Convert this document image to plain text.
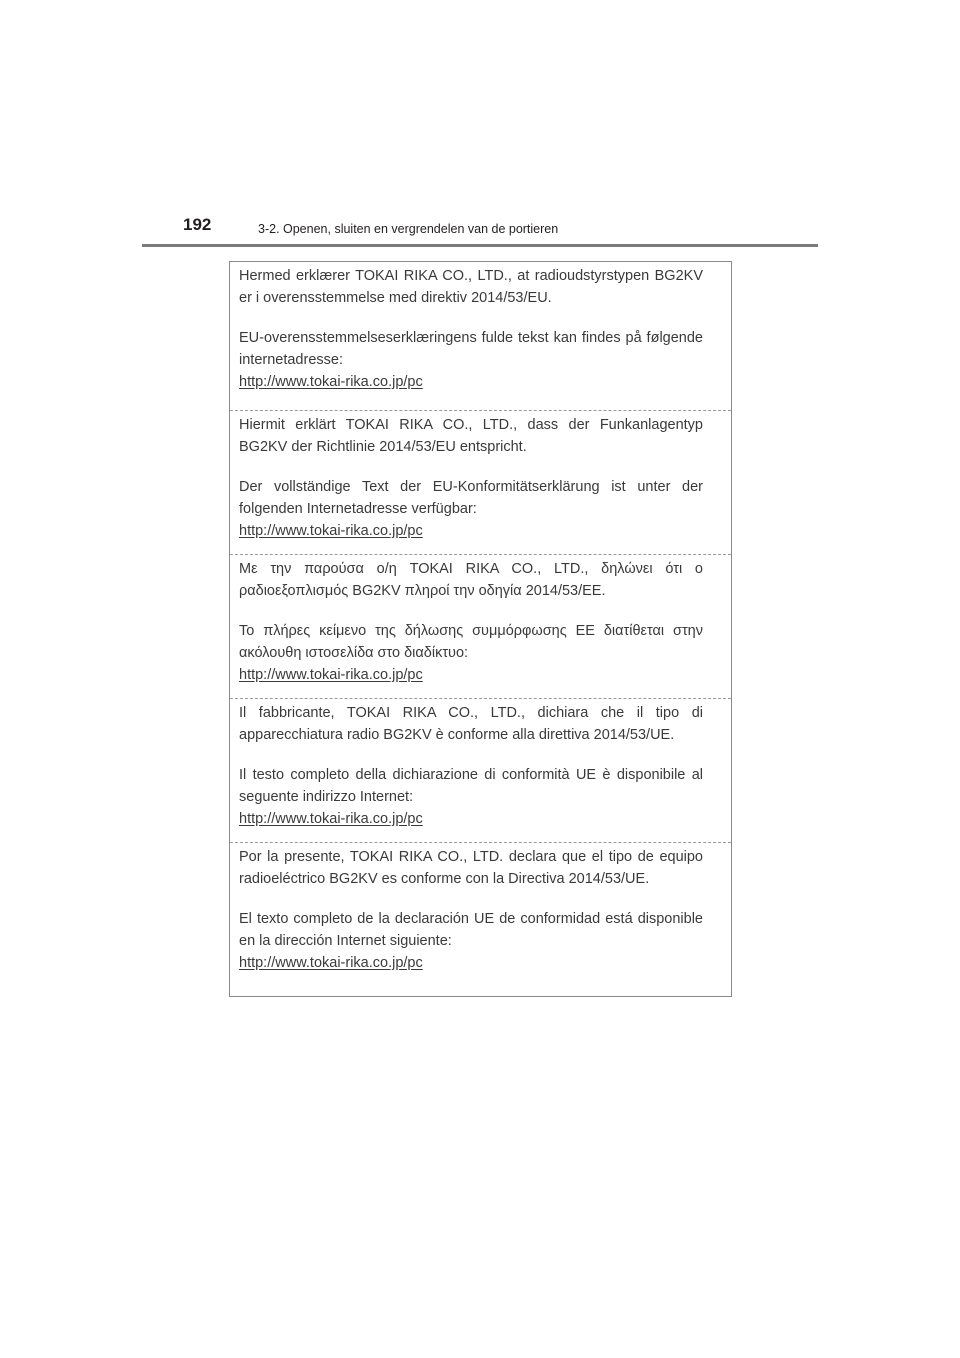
192	3-2. Openen, sluiten en vergrendelen van de portieren

Hermed erklærer TOKAI RIKA CO., LTD., at radioudstyrstypen BG2KV er i overensstemmelse med direktiv 2014/53/EU.

EU-overensstemmelseserklæringens fulde tekst kan findes på følgende internetadresse:

http://www.tokai-rika.co.jp/pc

Hiermit erklärt TOKAI RIKA CO., LTD., dass der Funkanlagentyp BG2KV der Richtlinie 2014/53/EU entspricht.

Der vollständige Text der EU-Konformitätserklärung ist unter der folgenden Internetadresse verfügbar:

http://www.tokai-rika.co.jp/pc

Με την παρούσα ο/η TOKAI RIKA CO., LTD., δηλώνει ότι ο ραδιοεξοπλισμός BG2KV πληροί την οδηγία 2014/53/ΕΕ.

Το πλήρες κείμενο της δήλωσης συμμόρφωσης ΕΕ διατίθεται στην ακόλουθη ιστοσελίδα στο διαδίκτυο:

http://www.tokai-rika.co.jp/pc

Il fabbricante, TOKAI RIKA CO., LTD., dichiara che il tipo di apparecchiatura radio BG2KV è conforme alla direttiva 2014/53/UE.

Il testo completo della dichiarazione di conformità UE è disponibile al seguente indirizzo Internet:

http://www.tokai-rika.co.jp/pc

Por la presente, TOKAI RIKA CO., LTD. declara que el tipo de equipo radioeléctrico BG2KV es conforme con la Directiva 2014/53/UE.

El texto completo de la declaración UE de conformidad está disponible en la dirección Internet siguiente:

http://www.tokai-rika.co.jp/pc
